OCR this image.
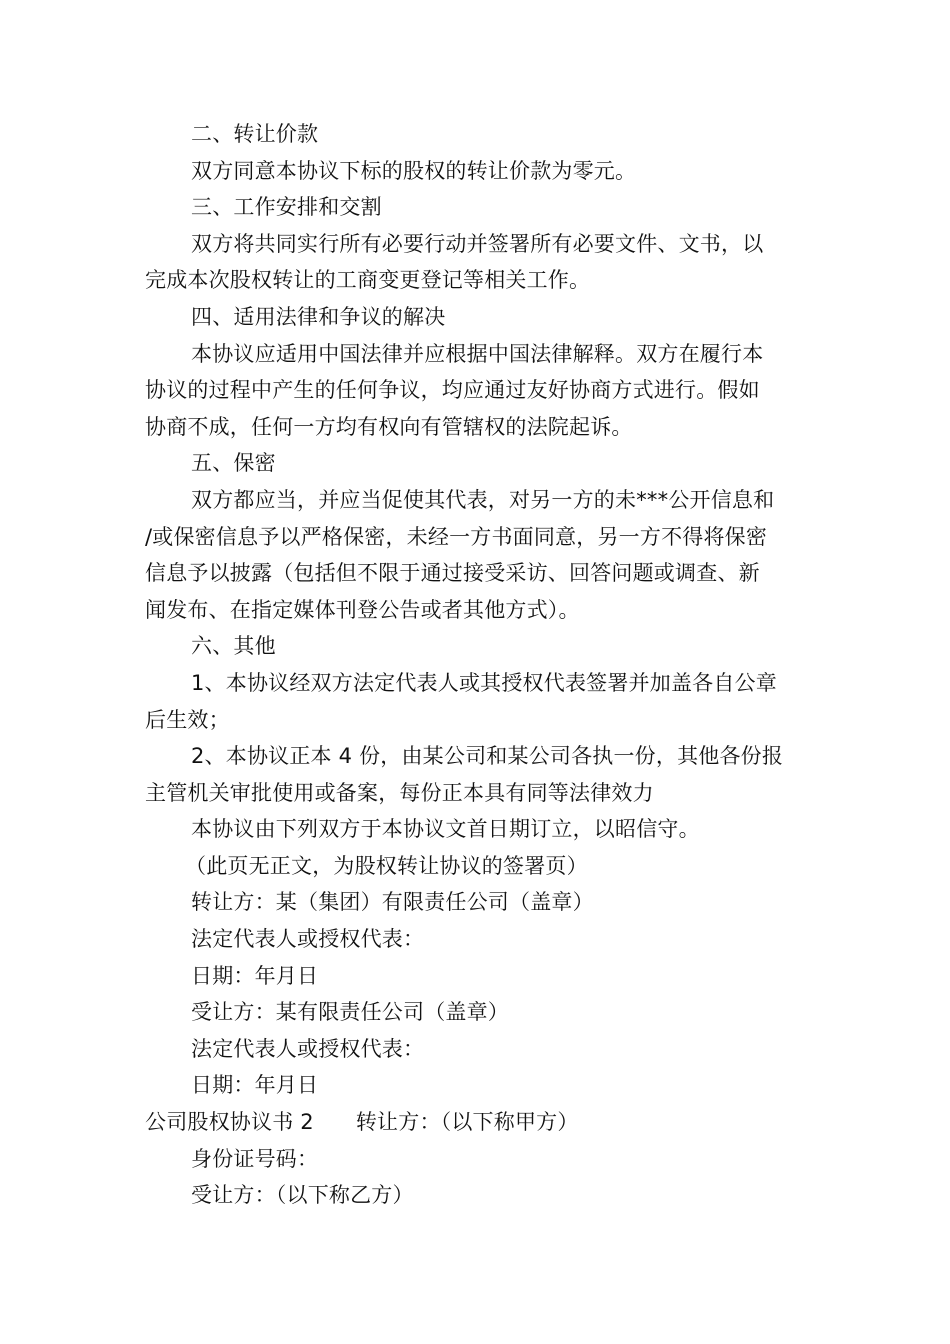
二、转让价款
双方同意本协议下标的股权的转让价款为零元。
三、工作安排和交割
双方将共同实行所有必要行动并签署所有必要文件、文书，以
完成本次股权转让的工商变更登记等相关工作。
四、适用法律和争议的解决
本协议应适用中国法律并应根据中国法律解释。双方在履行本
协议的过程中产生的任何争议，均应通过友好协商方式进行。假如
协商不成，任何一方均有权向有管辖权的法院起诉。
五、保密
双方都应当，并应当促使其代表，对另一方的未***公开信息和
/或保密信息予以严格保密，未经一方书面同意，另一方不得将保密
信息予以披露（包括但不限于通过接受采访、回答问题或调查、新
闻发布、在指定媒体刊登公告或者其他方式）。
六、其他
1、本协议经双方法定代表人或其授权代表签署并加盖各自公章
后生效；
2、本协议正本 4 份，由某公司和某公司各执一份，其他各份报
主管机关审批使用或备案，每份正本具有同等法律效力
本协议由下列双方于本协议文首日期订立，以昭信守。
（此页无正文，为股权转让协议的签署页）
转让方：某（集团）有限责任公司（盖章）
法定代表人或授权代表：
日期：年月日
受让方：某有限责任公司（盖章）
法定代表人或授权代表：
日期：年月日
公司股权协议书 2 转让方：（以下称甲方）
身份证号码：
受让方：（以下称乙方）
